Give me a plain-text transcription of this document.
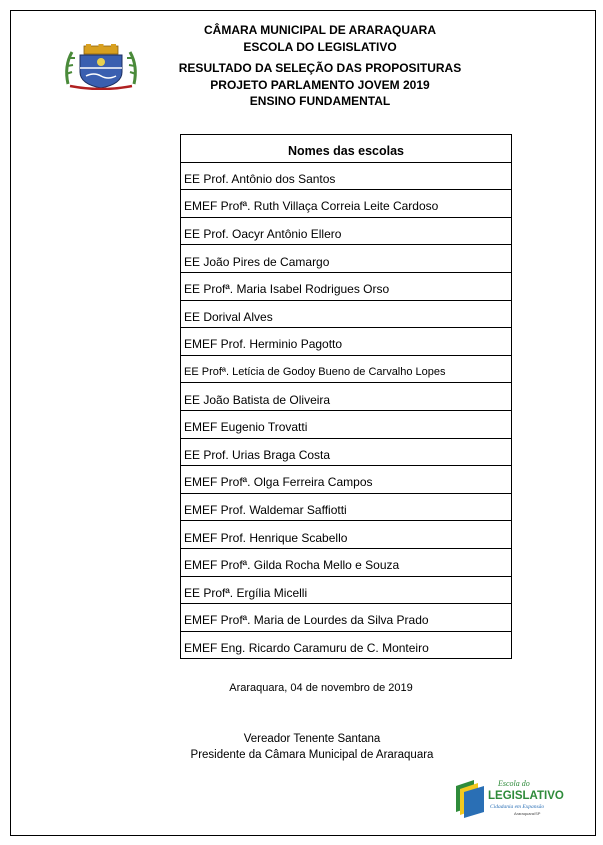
CÂMARA MUNICIPAL DE ARARAQUARA
ESCOLA DO LEGISLATIVO
RESULTADO DA SELEÇÃO DAS PROPOSITURAS
PROJETO PARLAMENTO JOVEM 2019
ENSINO FUNDAMENTAL
Nomes das escolas
EE Prof. Antônio dos Santos
EMEF Profª. Ruth Villaça Correia Leite Cardoso
EE Prof. Oacyr Antônio Ellero
EE João Pires de Camargo
EE Profª. Maria Isabel Rodrigues Orso
EE Dorival Alves
EMEF Prof. Herminio Pagotto
EE Profª. Letícia de Godoy Bueno de Carvalho Lopes
EE João Batista de Oliveira
EMEF Eugenio Trovatti
EE Prof. Urias Braga Costa
EMEF Profª. Olga Ferreira Campos
EMEF Prof. Waldemar Saffiotti
EMEF Prof. Henrique Scabello
EMEF Profª. Gilda Rocha Mello e Souza
EE Profª. Ergília Micelli
EMEF Profª. Maria de Lourdes da Silva Prado
EMEF Eng. Ricardo Caramuru de C. Monteiro
Araraquara, 04 de novembro de 2019
Vereador Tenente Santana
Presidente da Câmara Municipal de Araraquara
Escola do
LEGISLATIVO
Cidadania em Expansão
Araraquara/SP
